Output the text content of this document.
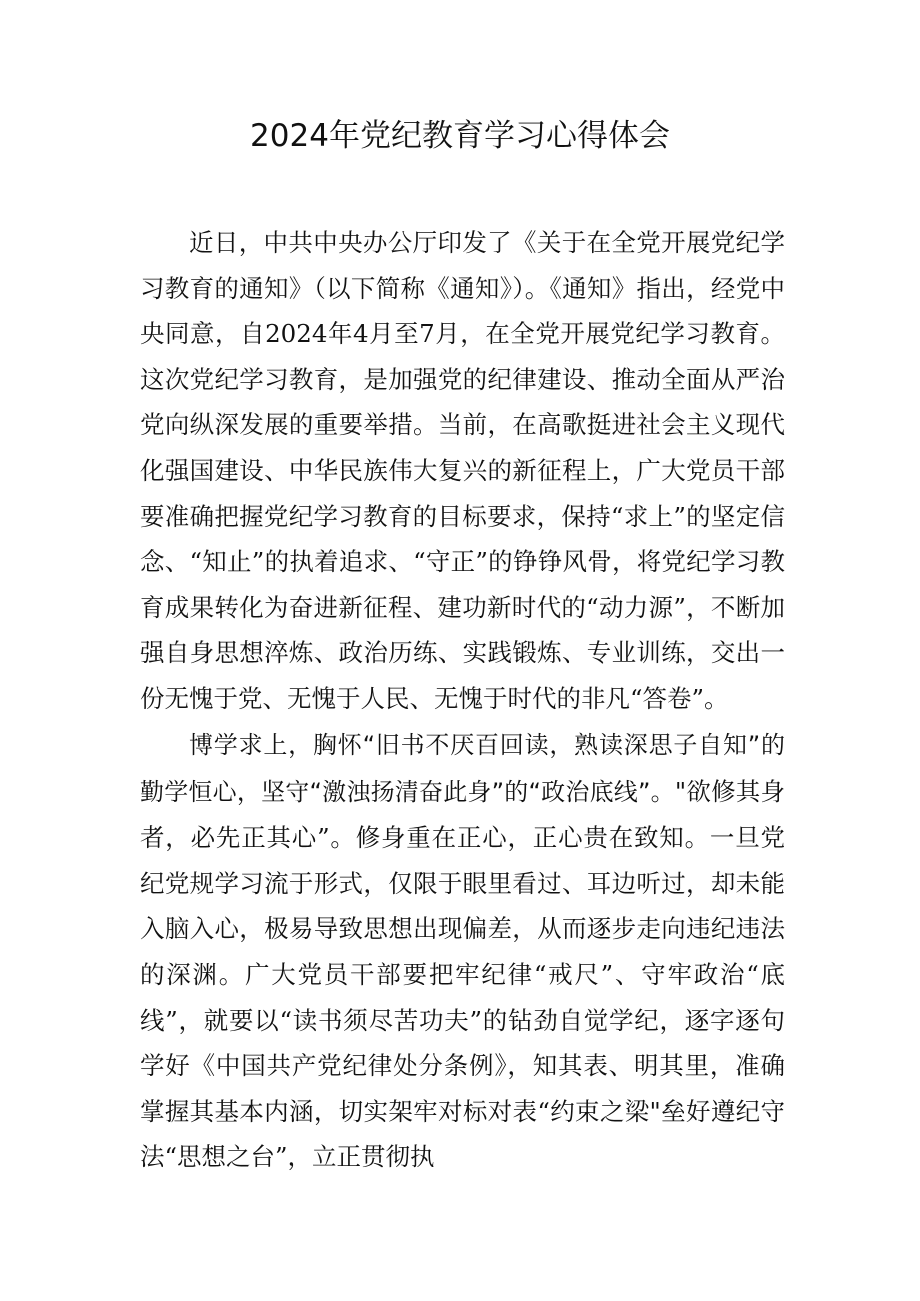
2024年党纪教育学习心得体会

近日，中共中央办公厅印发了《关于在全党开展党纪学习教育的通知》（以下简称《通知》）。《通知》指出，经党中央同意，自2024年4月至7月，在全党开展党纪学习教育。这次党纪学习教育，是加强党的纪律建设、推动全面从严治党向纵深发展的重要举措。当前，在高歌挺进社会主义现代化强国建设、中华民族伟大复兴的新征程上，广大党员干部要准确把握党纪学习教育的目标要求，保持“求上”的坚定信念、“知止”的执着追求、“守正”的铮铮风骨，将党纪学习教育成果转化为奋进新征程、建功新时代的“动力源”，不断加强自身思想淬炼、政治历练、实践锻炼、专业训练，交出一份无愧于党、无愧于人民、无愧于时代的非凡“答卷”。

博学求上，胸怀“旧书不厌百回读，熟读深思子自知”的勤学恒心，坚守“激浊扬清奋此身”的“政治底线”。"欲修其身者，必先正其心”。修身重在正心，正心贵在致知。一旦党纪党规学习流于形式，仅限于眼里看过、耳边听过，却未能入脑入心，极易导致思想出现偏差，从而逐步走向违纪违法的深渊。广大党员干部要把牢纪律“戒尺”、守牢政治“底线”，就要以“读书须尽苦功夫”的钻劲自觉学纪，逐字逐句学好《中国共产党纪律处分条例》，知其表、明其里，准确掌握其基本内涵，切实架牢对标对表“约束之梁"垒好遵纪守法“思想之台”，立正贯彻执
